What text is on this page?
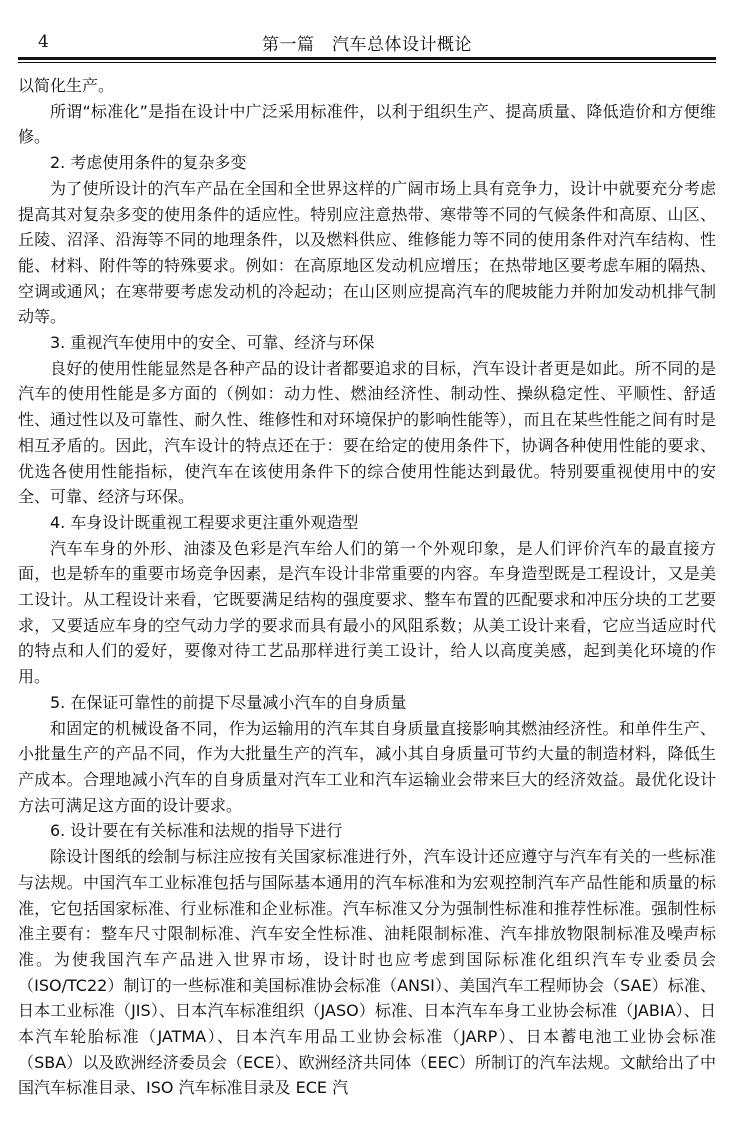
4	第一篇　汽车总体设计概论

以简化生产。

所谓“标准化”是指在设计中广泛采用标准件，以利于组织生产、提高质量、降低造价和方便维修。

2. 考虑使用条件的复杂多变

为了使所设计的汽车产品在全国和全世界这样的广阔市场上具有竞争力，设计中就要充分考虑提高其对复杂多变的使用条件的适应性。特别应注意热带、寒带等不同的气候条件和高原、山区、丘陵、沼泽、沿海等不同的地理条件，以及燃料供应、维修能力等不同的使用条件对汽车结构、性能、材料、附件等的特殊要求。例如：在高原地区发动机应增压；在热带地区要考虑车厢的隔热、空调或通风；在寒带要考虑发动机的冷起动；在山区则应提高汽车的爬坡能力并附加发动机排气制动等。

3. 重视汽车使用中的安全、可靠、经济与环保

良好的使用性能显然是各种产品的设计者都要追求的目标，汽车设计者更是如此。所不同的是汽车的使用性能是多方面的（例如：动力性、燃油经济性、制动性、操纵稳定性、平顺性、舒适性、通过性以及可靠性、耐久性、维修性和对环境保护的影响性能等），而且在某些性能之间有时是相互矛盾的。因此，汽车设计的特点还在于：要在给定的使用条件下，协调各种使用性能的要求、优选各使用性能指标，使汽车在该使用条件下的综合使用性能达到最优。特别要重视使用中的安全、可靠、经济与环保。

4. 车身设计既重视工程要求更注重外观造型

汽车车身的外形、油漆及色彩是汽车给人们的第一个外观印象，是人们评价汽车的最直接方面，也是轿车的重要市场竞争因素，是汽车设计非常重要的内容。车身造型既是工程设计，又是美工设计。从工程设计来看，它既要满足结构的强度要求、整车布置的匹配要求和冲压分块的工艺要求，又要适应车身的空气动力学的要求而具有最小的风阻系数；从美工设计来看，它应当适应时代的特点和人们的爱好，要像对待工艺品那样进行美工设计，给人以高度美感，起到美化环境的作用。

5. 在保证可靠性的前提下尽量减小汽车的自身质量

和固定的机械设备不同，作为运输用的汽车其自身质量直接影响其燃油经济性。和单件生产、小批量生产的产品不同，作为大批量生产的汽车，减小其自身质量可节约大量的制造材料，降低生产成本。合理地减小汽车的自身质量对汽车工业和汽车运输业会带来巨大的经济效益。最优化设计方法可满足这方面的设计要求。

6. 设计要在有关标准和法规的指导下进行

除设计图纸的绘制与标注应按有关国家标准进行外，汽车设计还应遵守与汽车有关的一些标准与法规。中国汽车工业标准包括与国际基本通用的汽车标准和为宏观控制汽车产品性能和质量的标准，它包括国家标准、行业标准和企业标准。汽车标准又分为强制性标准和推荐性标准。强制性标准主要有：整车尺寸限制标准、汽车安全性标准、油耗限制标准、汽车排放物限制标准及噪声标准。为使我国汽车产品进入世界市场，设计时也应考虑到国际标准化组织汽车专业委员会（ISO/TC22）制订的一些标准和美国标准协会标准（ANSI）、美国汽车工程师协会（SAE）标准、日本工业标准（JIS）、日本汽车标准组织（JASO）标准、日本汽车车身工业协会标准（JABIA）、日本汽车轮胎标准（JATMA）、日本汽车用品工业协会标准（JARP）、日本蓄电池工业协会标准（SBA）以及欧洲经济委员会（ECE）、欧洲经济共同体（EEC）所制订的汽车法规。文献给出了中国汽车标准目录、ISO 汽车标准目录及 ECE 汽
